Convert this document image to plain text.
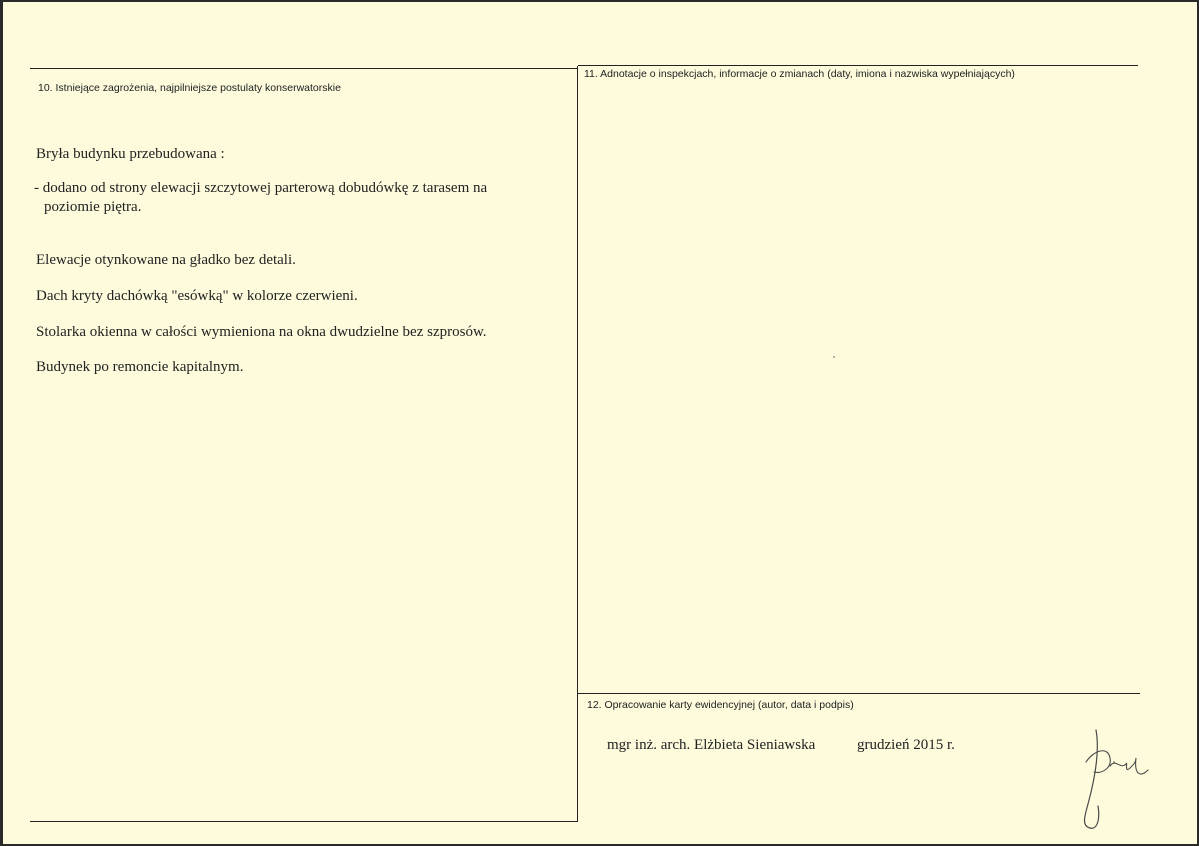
10. Istniejące zagrożenia, najpilniejsze postulaty konserwatorskie
Bryła budynku przebudowana :
- dodano od strony elewacji szczytowej parterową dobudówkę z tarasem na
poziomie piętra.
Elewacje otynkowane na gładko bez detali.
Dach kryty dachówką "esówką" w kolorze czerwieni.
Stolarka okienna w całości wymieniona na okna dwudzielne bez szprosów.
Budynek po remoncie kapitalnym.
11. Adnotacje o inspekcjach, informacje o zmianach (daty, imiona i nazwiska wypełniających)
12. Opracowanie karty ewidencyjnej (autor, data i podpis)
mgr inż. arch. Elżbieta Sieniawska	grudzień 2015 r.
